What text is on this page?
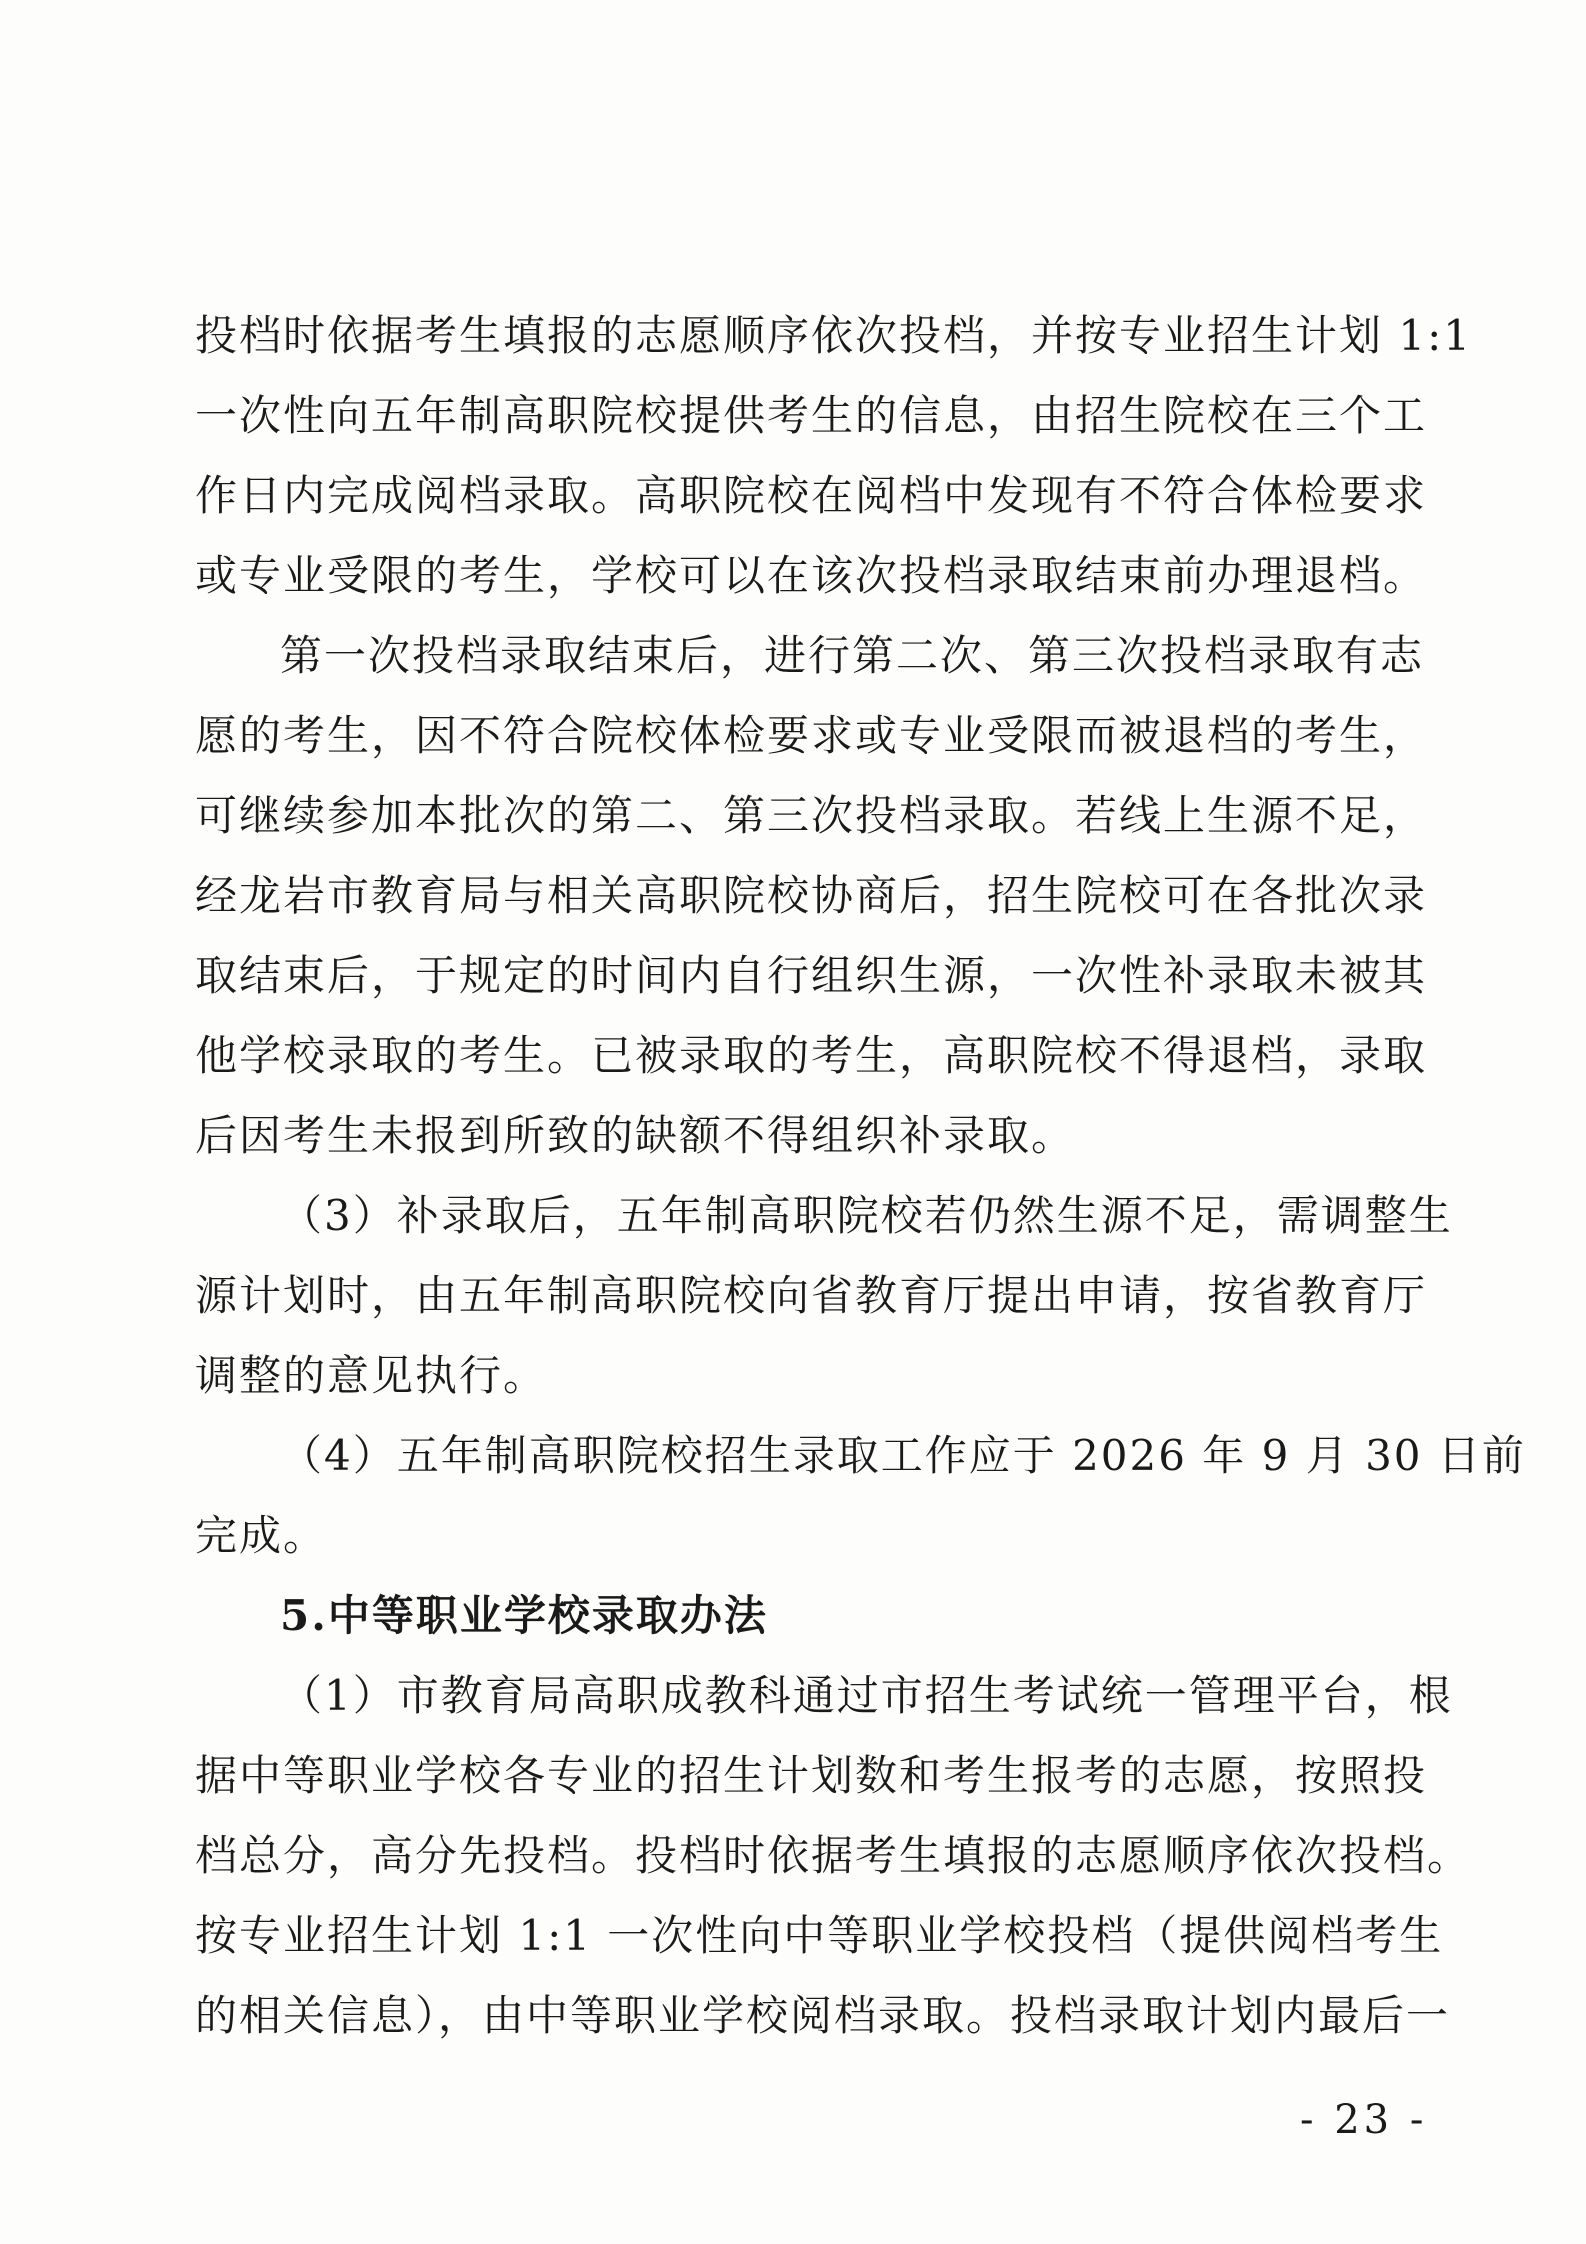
投档时依据考生填报的志愿顺序依次投档，并按专业招生计划 1:1
一次性向五年制高职院校提供考生的信息，由招生院校在三个工
作日内完成阅档录取。高职院校在阅档中发现有不符合体检要求
或专业受限的考生，学校可以在该次投档录取结束前办理退档。
第一次投档录取结束后，进行第二次、第三次投档录取有志
愿的考生，因不符合院校体检要求或专业受限而被退档的考生，
可继续参加本批次的第二、第三次投档录取。若线上生源不足，
经龙岩市教育局与相关高职院校协商后，招生院校可在各批次录
取结束后，于规定的时间内自行组织生源，一次性补录取未被其
他学校录取的考生。已被录取的考生，高职院校不得退档，录取
后因考生未报到所致的缺额不得组织补录取。
（3）补录取后，五年制高职院校若仍然生源不足，需调整生
源计划时，由五年制高职院校向省教育厅提出申请，按省教育厅
调整的意见执行。
（4）五年制高职院校招生录取工作应于 2026 年 9 月 30 日前
完成。
5.中等职业学校录取办法
（1）市教育局高职成教科通过市招生考试统一管理平台，根
据中等职业学校各专业的招生计划数和考生报考的志愿，按照投
档总分，高分先投档。投档时依据考生填报的志愿顺序依次投档。
按专业招生计划 1:1 一次性向中等职业学校投档（提供阅档考生
的相关信息），由中等职业学校阅档录取。投档录取计划内最后一
- 23 -
